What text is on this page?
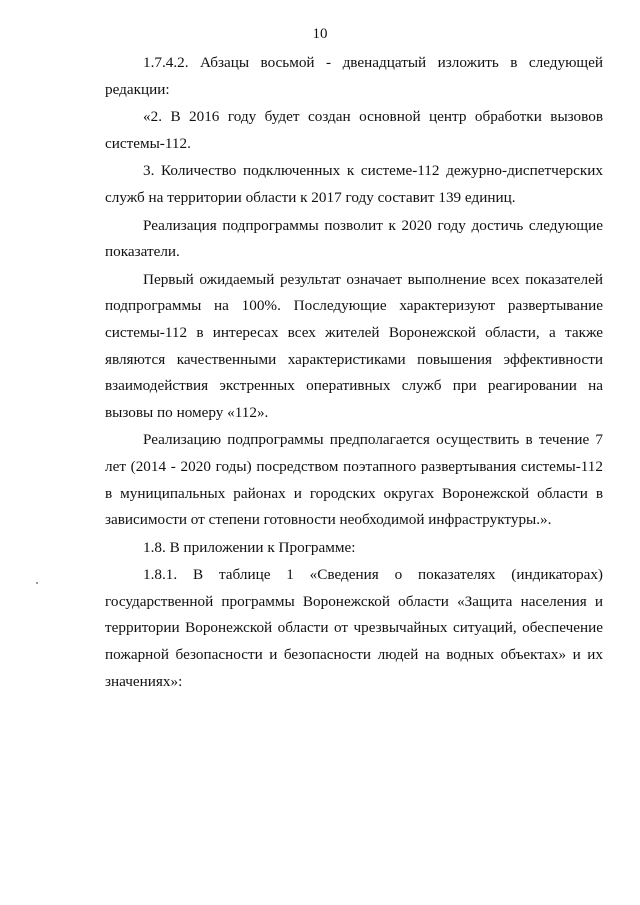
10

1.7.4.2. Абзацы восьмой - двенадцатый изложить в следующей редакции:

«2. В 2016 году будет создан основной центр обработки вызовов системы-112.

3. Количество подключенных к системе-112 дежурно-диспетчерских служб на территории области к 2017 году составит 139 единиц.

Реализация подпрограммы позволит к 2020 году достичь следующие показатели.

Первый ожидаемый результат означает выполнение всех показателей подпрограммы на 100%. Последующие характеризуют развертывание системы-112 в интересах всех жителей Воронежской области, а также являются качественными характеристиками повышения эффективности взаимодействия экстренных оперативных служб при реагировании на вызовы по номеру «112».

Реализацию подпрограммы предполагается осуществить в течение 7 лет (2014 - 2020 годы) посредством поэтапного развертывания системы-112 в муниципальных районах и городских округах Воронежской области в зависимости от степени готовности необходимой инфраструктуры.».

1.8. В приложении к Программе:

1.8.1. В таблице 1 «Сведения о показателях (индикаторах) государственной программы Воронежской области «Защита населения и территории Воронежской области от чрезвычайных ситуаций, обеспечение пожарной безопасности и безопасности людей на водных объектах» и их значениях»:
